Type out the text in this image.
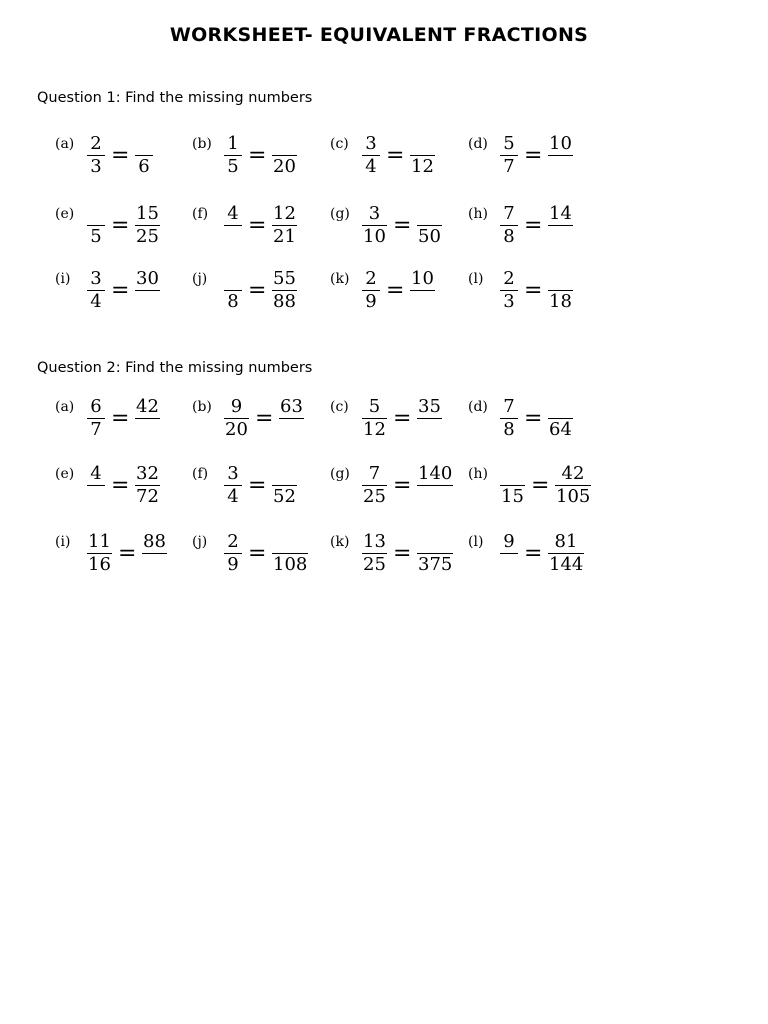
WORKSHEET- EQUIVALENT FRACTIONS
Question 1: Find the missing numbers
$(a) \frac{2}{3} = 6$
$(b) \frac{1}{5} = 20$
$(c) \frac{3}{4} = 12$
$(d) \frac{5}{7} = 10$
(e)
$5 = \frac{15}{25} (f) 4 = \frac{12}{21} (g) \frac{3}{10} = 50$
$(h) \frac{7}{8} = 14$
$(i) \frac{3}{4} = 30$ (j)
$8 = \frac{55}{88} (k) \frac{2}{9} = 10$ $(l) \frac{2}{3} = 18$
Question 2: Find the missing numbers
$(a) \frac{6}{7} = 42$ $(b) \frac{9}{20} = 63$ $(c) \frac{5}{12} = 35$ $(d) \frac{7}{8} = 64$
(e) $4 = \frac{32}{72} (f) \frac{3}{4} = 52$
$(g) \frac{7}{25} = 140$ (h)
$15 = \frac{42}{105}$
$(i) \frac{11}{16} = 88$ $(j) \frac{2}{9} = 108$
$(k) \frac{13}{25} = 375$
(l) $9 = \frac{81}{144}$
